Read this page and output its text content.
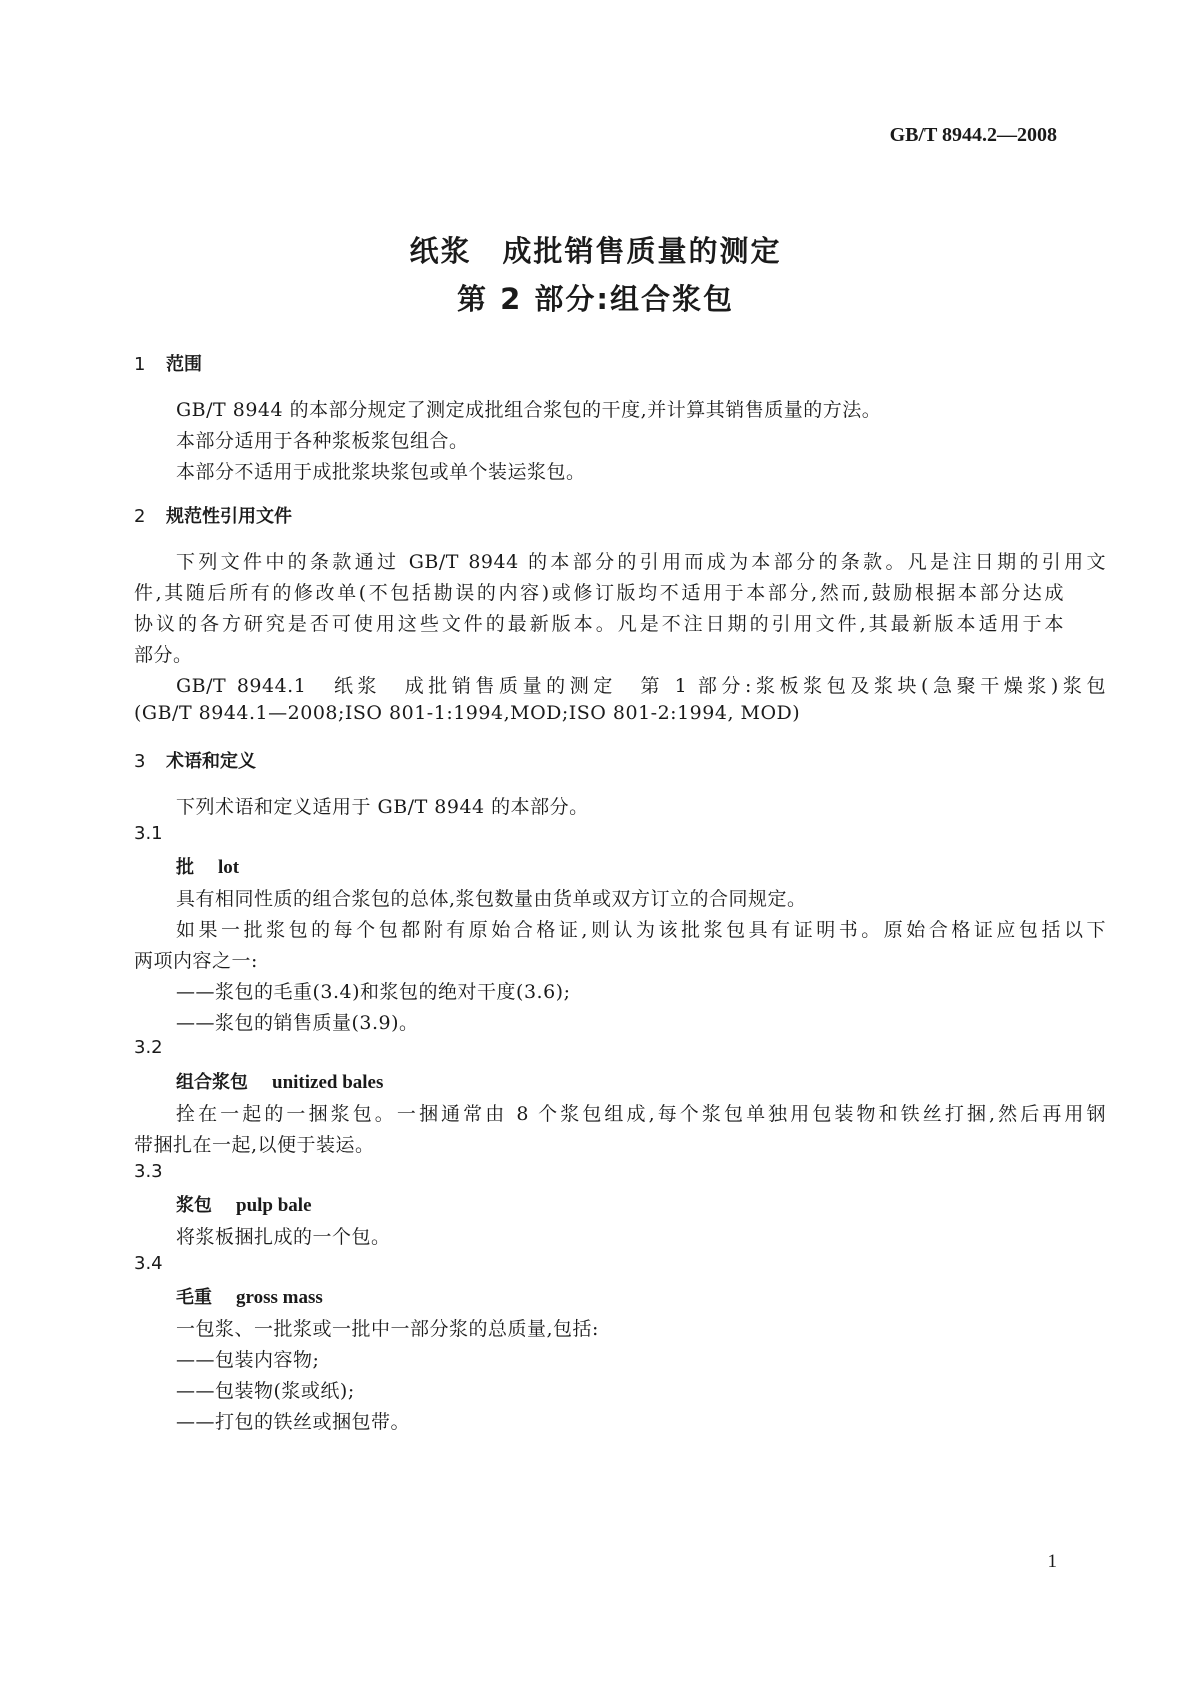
GB/T 8944.2—2008
纸浆　成批销售质量的测定
第 2 部分:组合浆包
1 范围
GB/T 8944 的本部分规定了测定成批组合浆包的干度,并计算其销售质量的方法。
本部分适用于各种浆板浆包组合。
本部分不适用于成批浆块浆包或单个装运浆包。
2 规范性引用文件
下列文件中的条款通过 GB/T 8944 的本部分的引用而成为本部分的条款。凡是注日期的引用文
件,其随后所有的修改单(不包括勘误的内容)或修订版均不适用于本部分,然而,鼓励根据本部分达成
协议的各方研究是否可使用这些文件的最新版本。凡是不注日期的引用文件,其最新版本适用于本
部分。
GB/T 8944.1　纸浆　成批销售质量的测定　第 1 部分:浆板浆包及浆块(急聚干燥浆)浆包
(GB/T 8944.1—2008;ISO 801-1:1994,MOD;ISO 801-2:1994, MOD)
3 术语和定义
下列术语和定义适用于 GB/T 8944 的本部分。
3.1
批 lot
具有相同性质的组合浆包的总体,浆包数量由货单或双方订立的合同规定。
如果一批浆包的每个包都附有原始合格证,则认为该批浆包具有证明书。原始合格证应包括以下
两项内容之一:
——浆包的毛重(3.4)和浆包的绝对干度(3.6);
——浆包的销售质量(3.9)。
3.2
组合浆包 unitized bales
拴在一起的一捆浆包。一捆通常由 8 个浆包组成,每个浆包单独用包装物和铁丝打捆,然后再用钢
带捆扎在一起,以便于装运。
3.3
浆包 pulp bale
将浆板捆扎成的一个包。
3.4
毛重 gross mass
一包浆、一批浆或一批中一部分浆的总质量,包括:
——包装内容物;
——包装物(浆或纸);
——打包的铁丝或捆包带。
1
